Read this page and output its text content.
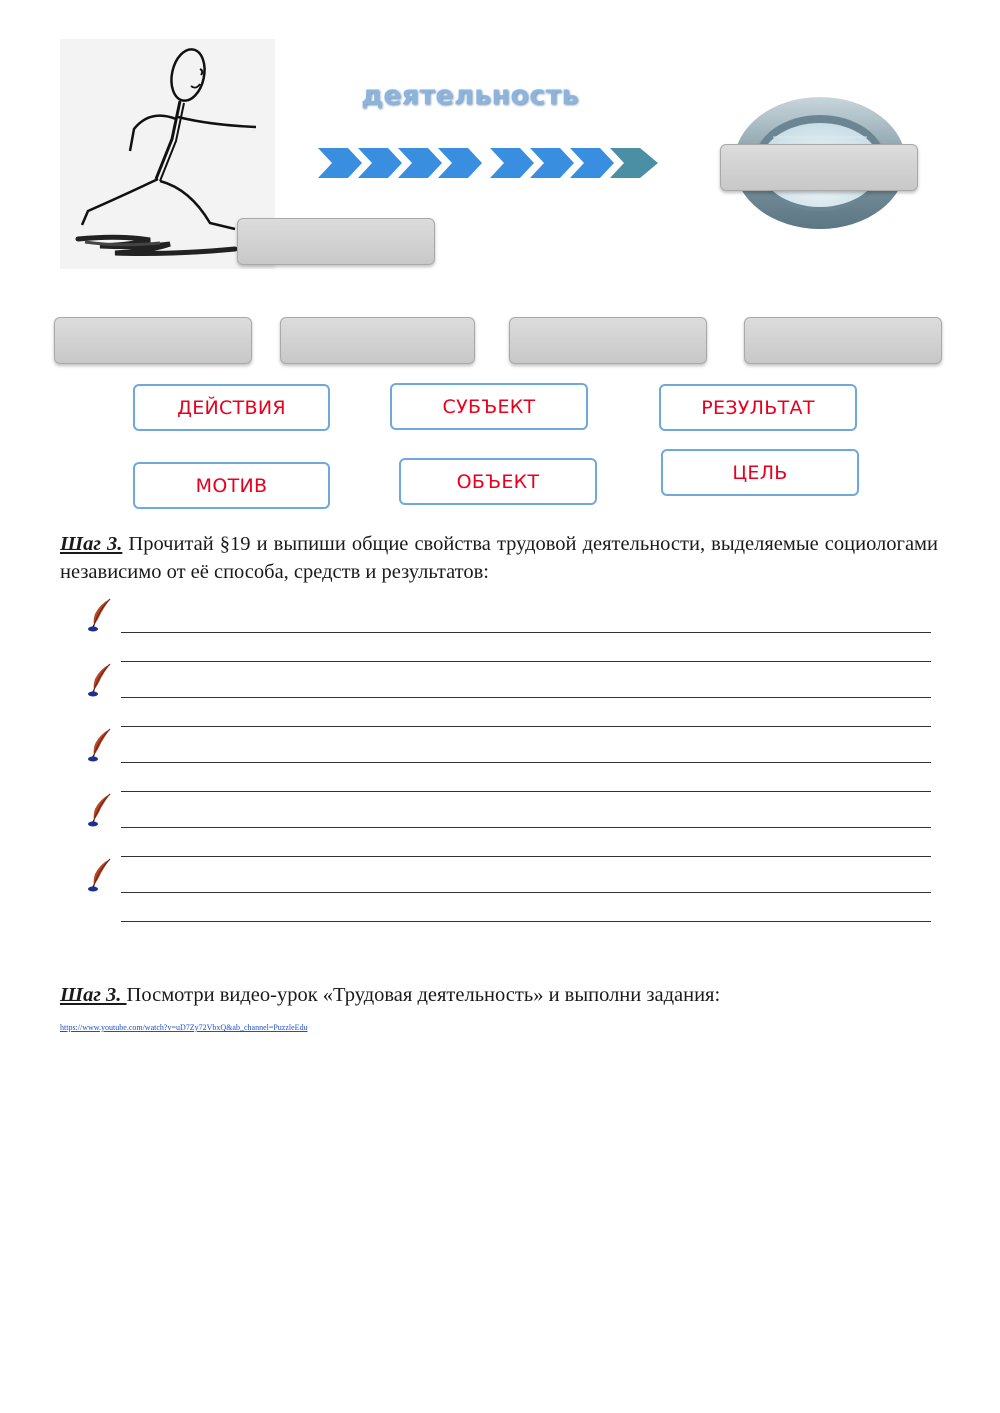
деятельность
ДЕЙСТВИЯ	СУБЪЕКТ	РЕЗУЛЬТАТ
МОТИВ	ОБЪЕКТ	ЦЕЛЬ
Шаг 3. Прочитай §19 и выпиши общие свойства трудовой деятельности, выделяемые социологами независимо от её способа, средств и результатов:
Шаг 3. Посмотри видео-урок «Трудовая деятельность» и выполни задания:
https://www.youtube.com/watch?v=uD7Zy72VbxQ&ab_channel=PuzzleEdu
